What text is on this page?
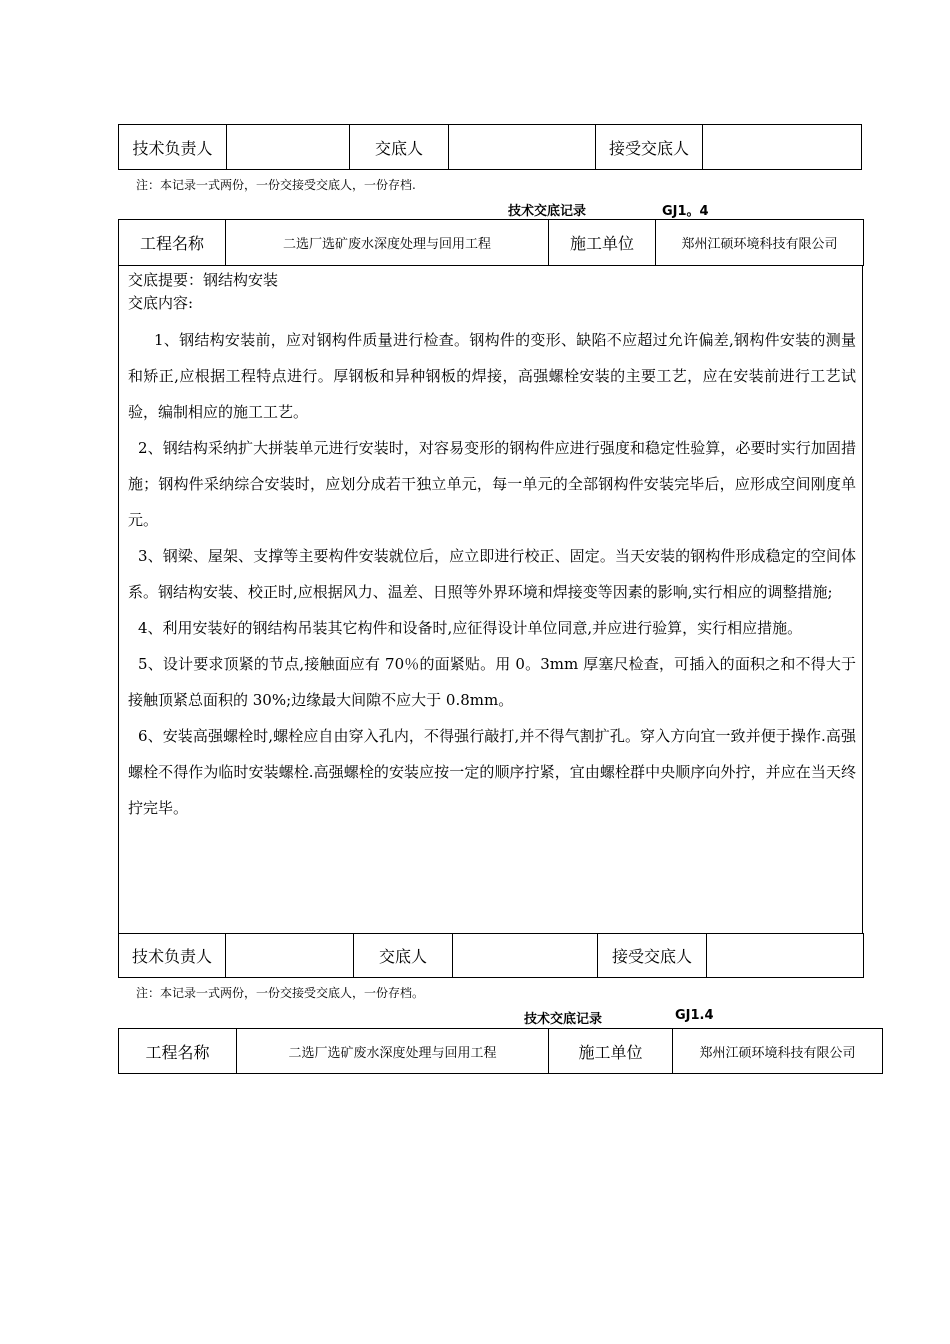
技术负责人		交底人		接受交底人	
注：本记录一式两份，一份交接受交底人，一份存档.
技术交底记录	GJ1。4
工程名称	二选厂选矿废水深度处理与回用工程	施工单位	郑州江硕环境科技有限公司
交底提要：钢结构安装
交底内容:

1、钢结构安装前，应对钢构件质量进行检查。钢构件的变形、缺陷不应超过允许偏差,钢构件安装的测量和矫正,应根据工程特点进行。厚钢板和异种钢板的焊接，高强螺栓安装的主要工艺，应在安装前进行工艺试验，编制相应的施工工艺。

2、钢结构采纳扩大拼装单元进行安装时，对容易变形的钢构件应进行强度和稳定性验算，必要时实行加固措施；钢构件采纳综合安装时，应划分成若干独立单元，每一单元的全部钢构件安装完毕后，应形成空间刚度单元。

3、钢梁、屋架、支撑等主要构件安装就位后，应立即进行校正、固定。当天安装的钢构件形成稳定的空间体系。钢结构安装、校正时,应根据风力、温差、日照等外界环境和焊接变等因素的影响,实行相应的调整措施;

4、利用安装好的钢结构吊装其它构件和设备时,应征得设计单位同意,并应进行验算，实行相应措施。

5、设计要求顶紧的节点,接触面应有 70％的面紧贴。用 0。3mm 厚塞尺检查，可插入的面积之和不得大于接触顶紧总面积的 30%;边缘最大间隙不应大于 0.8mm。

6、安装高强螺栓时,螺栓应自由穿入孔内，不得强行敲打,并不得气割扩孔。穿入方向宜一致并便于操作.高强螺栓不得作为临时安装螺栓.高强螺栓的安装应按一定的顺序拧紧，宜由螺栓群中央顺序向外拧，并应在当天终拧完毕。

技术负责人		交底人		接受交底人	
注：本记录一式两份，一份交接受交底人，一份存档。
技术交底记录	GJ1.4
工程名称	二选厂选矿废水深度处理与回用工程	施工单位	郑州江硕环境科技有限公司
